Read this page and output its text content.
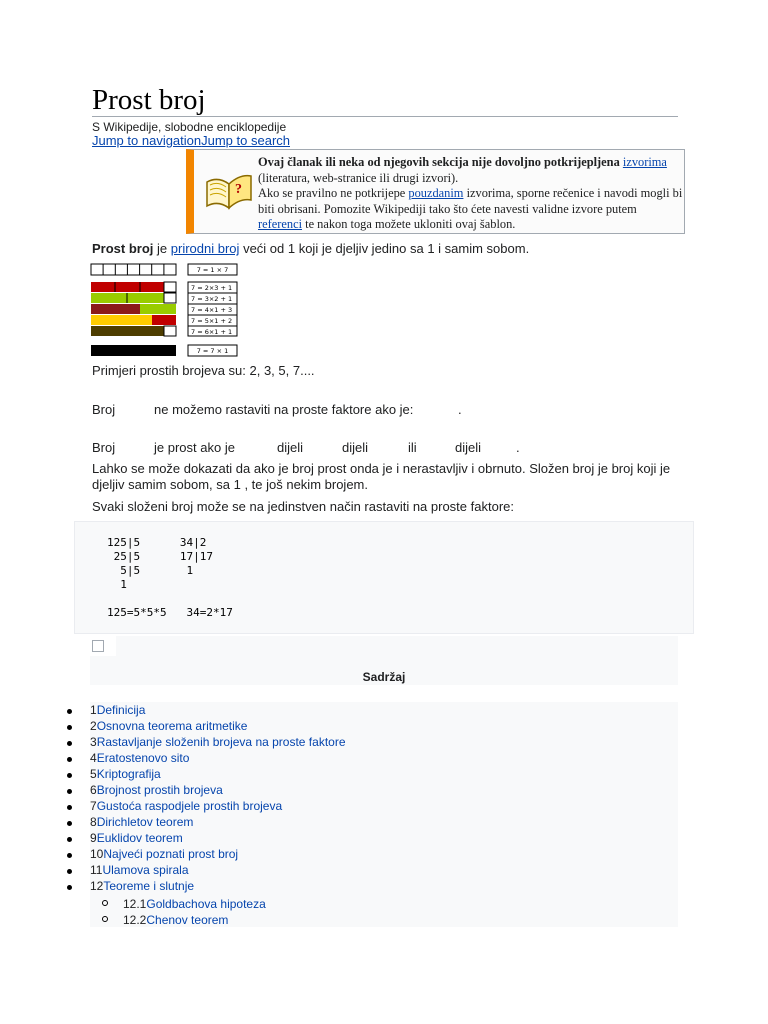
Prost broj
S Wikipedije, slobodne enciklopedije
Jump to navigationJump to search
?
Ovaj članak ili neka od njegovih sekcija nije dovoljno potkrijepljena izvorima (literatura, web-stranice ili drugi izvori).
Ako se pravilno ne potkrijepe pouzdanim izvorima, sporne rečenice i navodi mogli bi biti obrisani. Pomozite Wikipediji tako što ćete navesti validne izvore putem referenci te nakon toga možete ukloniti ovaj šablon.
Prost broj je prirodni broj veći od 1 koji je djeljiv jedino sa 1 i samim sobom.
7 = 1 × 7
7 = 2×3 + 1
7 = 3×2 + 1
7 = 4×1 + 3
7 = 5×1 + 2
7 = 6×1 + 1
7 = 7 × 1
Primjeri prostih brojeva su: 2, 3, 5, 7....
Broj	ne možemo rastaviti na proste faktore ako je:	.
Broj	je prost ako je	dijeli	dijeli	ili	dijeli	.
Lahko se može dokazati da ako je broj prost onda je i nerastavljiv i obrnuto. Složen broj je broj koji je djeljiv samim sobom, sa 1 , te još nekim brojem.
Svaki složeni broj može se na jedinstven način rastaviti na proste faktore:
125|5      34|2
25|5      17|17
5|5       1
1

125=5*5*5   34=2*17
Sadržaj
1Definicija
2Osnovna teorema aritmetike
3Rastavljanje složenih brojeva na proste faktore
4Eratostenovo sito
5Kriptografija
6Brojnost prostih brojeva
7Gustoća raspodjele prostih brojeva
8Dirichletov teorem
9Euklidov teorem
10Najveći poznati prost broj
11Ulamova spirala
12Teoreme i slutnje
12.1Goldbachova hipoteza
12.2Chenov teorem
